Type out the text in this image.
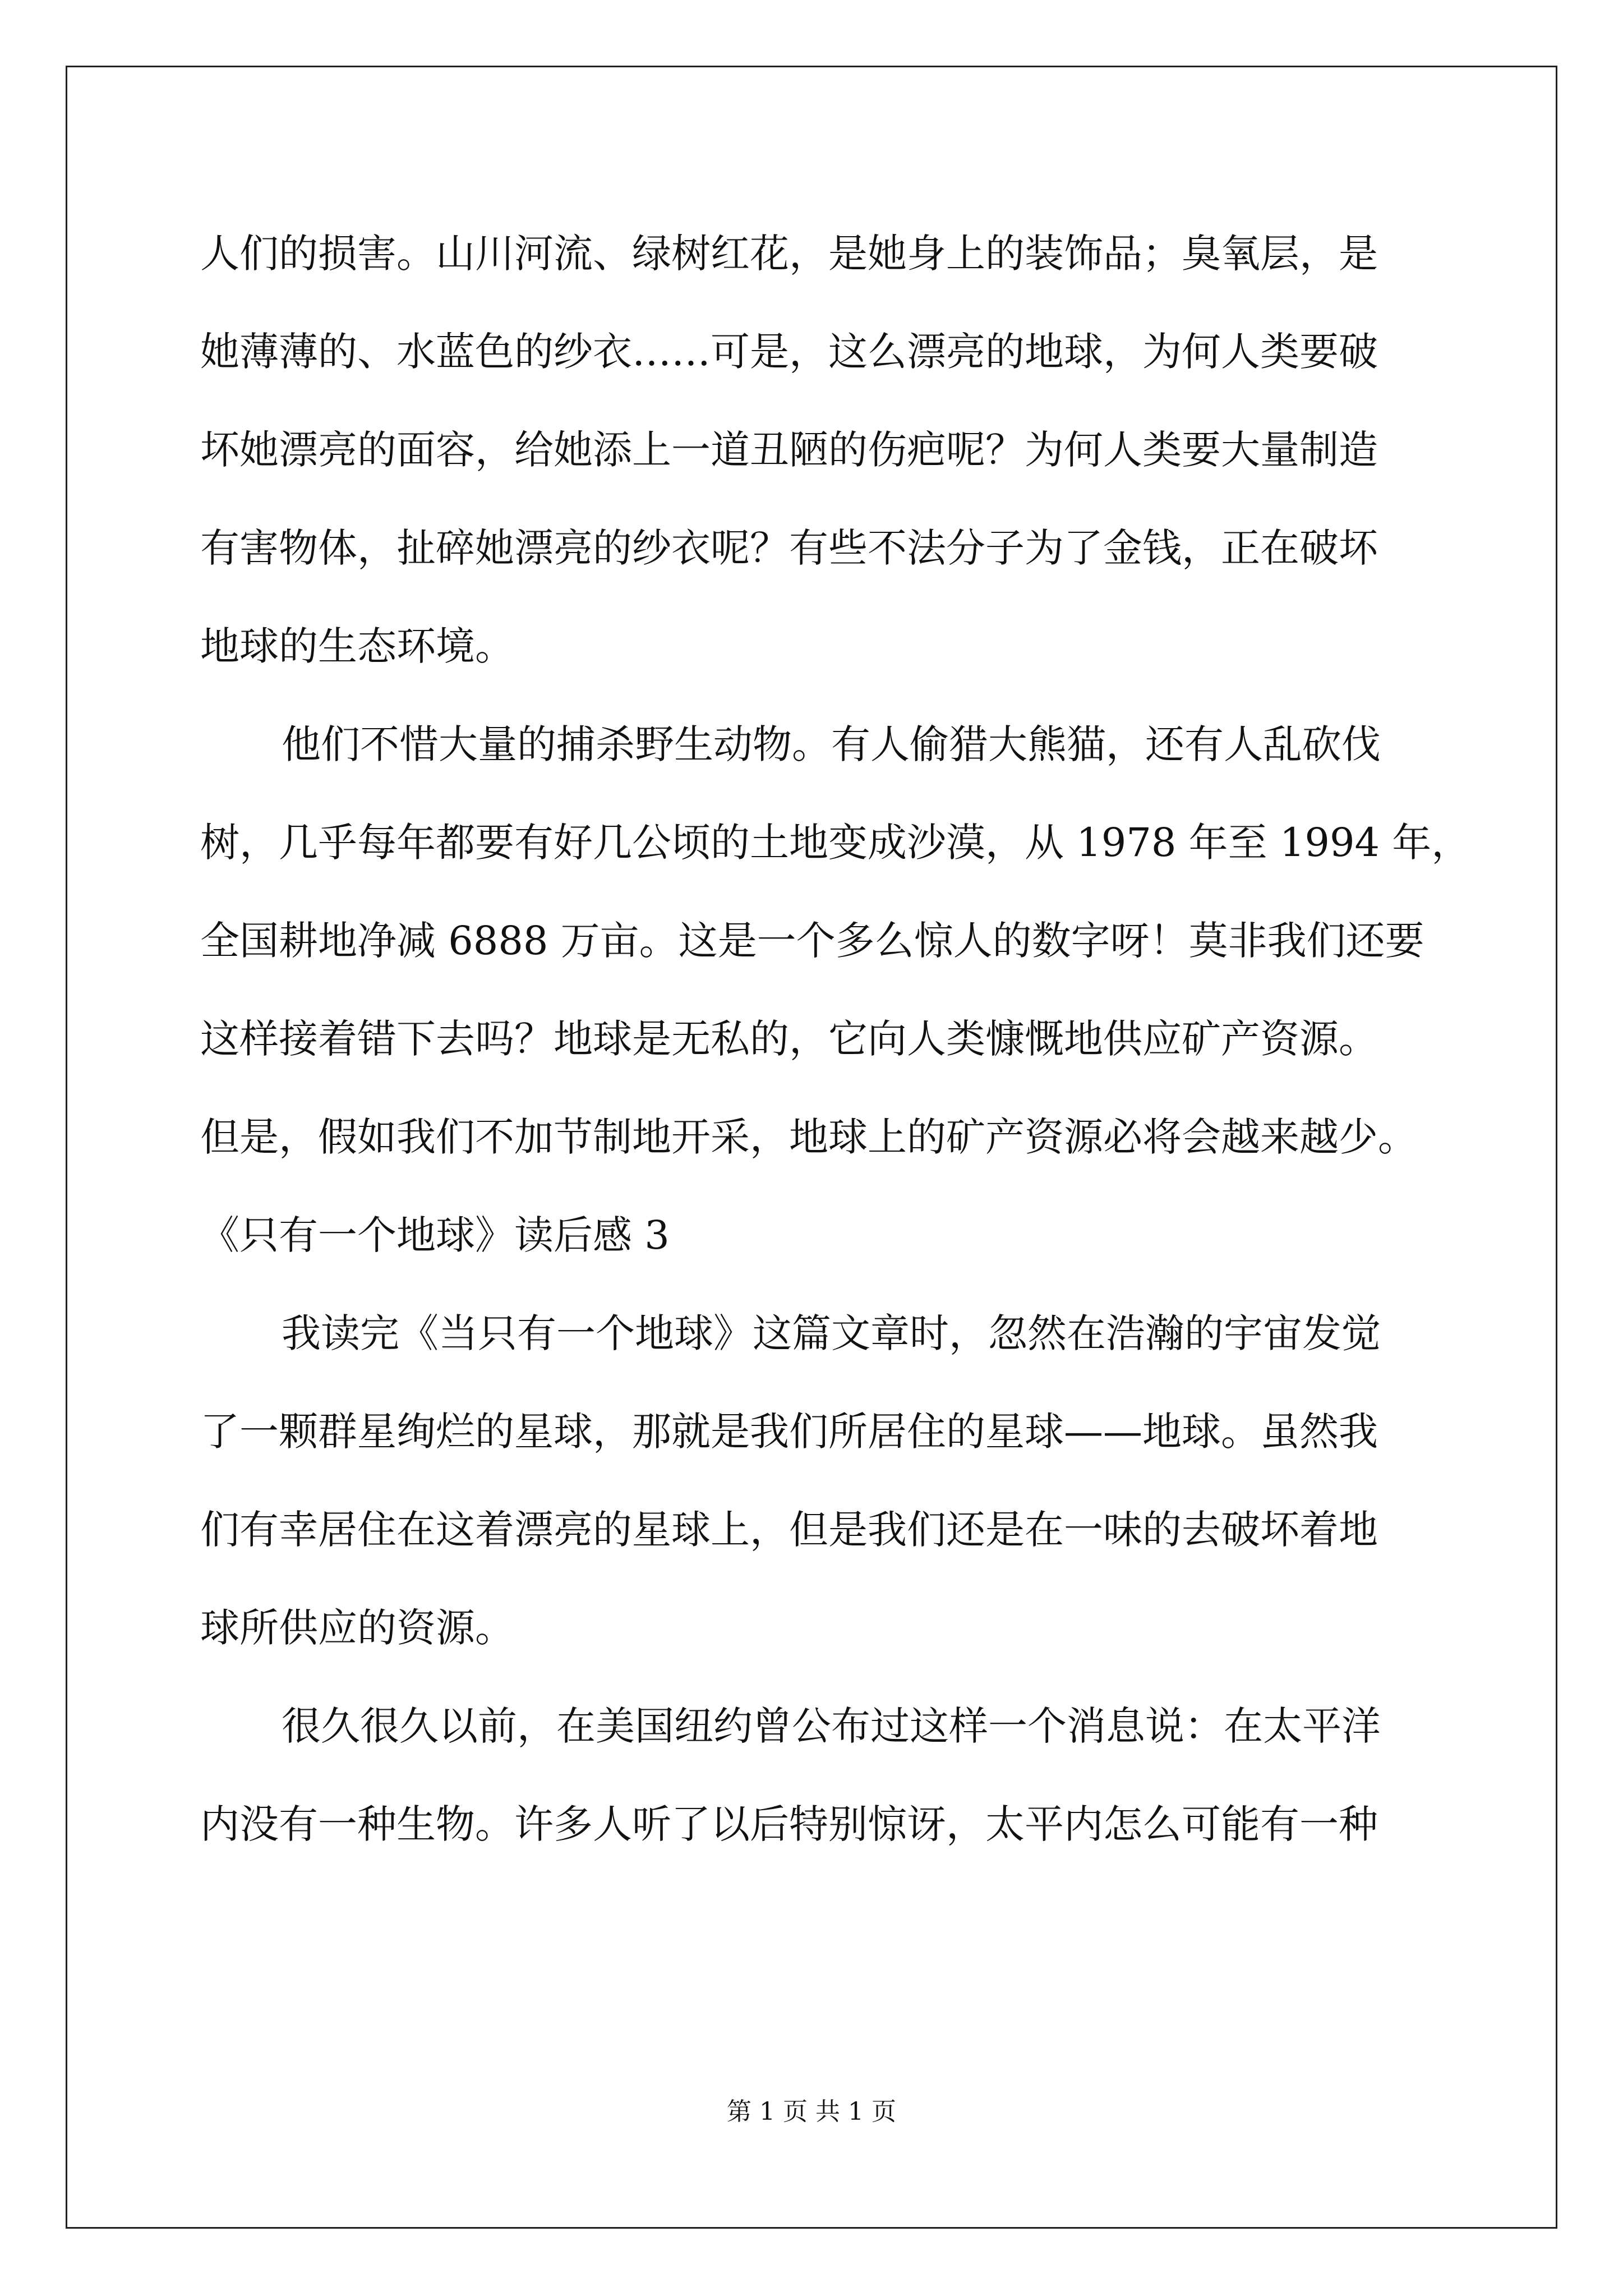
人们的损害。山川河流、绿树红花，是她身上的装饰品；臭氧层，是
她薄薄的、水蓝色的纱衣……可是，这么漂亮的地球，为何人类要破
坏她漂亮的面容，给她添上一道丑陋的伤疤呢？为何人类要大量制造
有害物体，扯碎她漂亮的纱衣呢？有些不法分子为了金钱，正在破坏
地球的生态环境。
他们不惜大量的捕杀野生动物。有人偷猎大熊猫，还有人乱砍伐
树，几乎每年都要有好几公顷的土地变成沙漠，从 1978 年至 1994 年，
全国耕地净减 6888 万亩。这是一个多么惊人的数字呀！莫非我们还要
这样接着错下去吗？地球是无私的，它向人类慷慨地供应矿产资源。
但是，假如我们不加节制地开采，地球上的矿产资源必将会越来越少。
《只有一个地球》读后感 3
我读完《当只有一个地球》这篇文章时，忽然在浩瀚的宇宙发觉
了一颗群星绚烂的星球，那就是我们所居住的星球——地球。虽然我
们有幸居住在这着漂亮的星球上，但是我们还是在一味的去破坏着地
球所供应的资源。
很久很久以前，在美国纽约曾公布过这样一个消息说：在太平洋
内没有一种生物。许多人听了以后特别惊讶，太平内怎么可能有一种
第 1 页 共 1 页
